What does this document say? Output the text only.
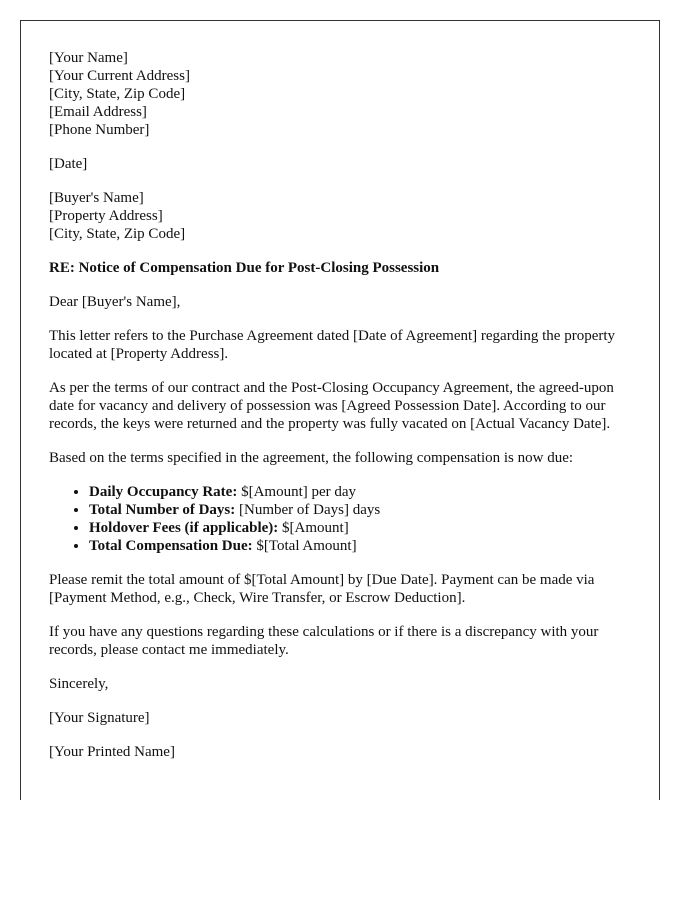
[Your Name]
[Your Current Address]
[City, State, Zip Code]
[Email Address]
[Phone Number]

[Date]

[Buyer's Name]
[Property Address]
[City, State, Zip Code]

RE: Notice of Compensation Due for Post-Closing Possession

Dear [Buyer's Name],

This letter refers to the Purchase Agreement dated [Date of Agreement] regarding the property located at [Property Address].

As per the terms of our contract and the Post-Closing Occupancy Agreement, the agreed-upon date for vacancy and delivery of possession was [Agreed Possession Date]. According to our records, the keys were returned and the property was fully vacated on [Actual Vacancy Date].

Based on the terms specified in the agreement, the following compensation is now due:

• Daily Occupancy Rate: $[Amount] per day
• Total Number of Days: [Number of Days] days
• Holdover Fees (if applicable): $[Amount]
• Total Compensation Due: $[Total Amount]

Please remit the total amount of $[Total Amount] by [Due Date]. Payment can be made via [Payment Method, e.g., Check, Wire Transfer, or Escrow Deduction].

If you have any questions regarding these calculations or if there is a discrepancy with your records, please contact me immediately.

Sincerely,

[Your Signature]

[Your Printed Name]
